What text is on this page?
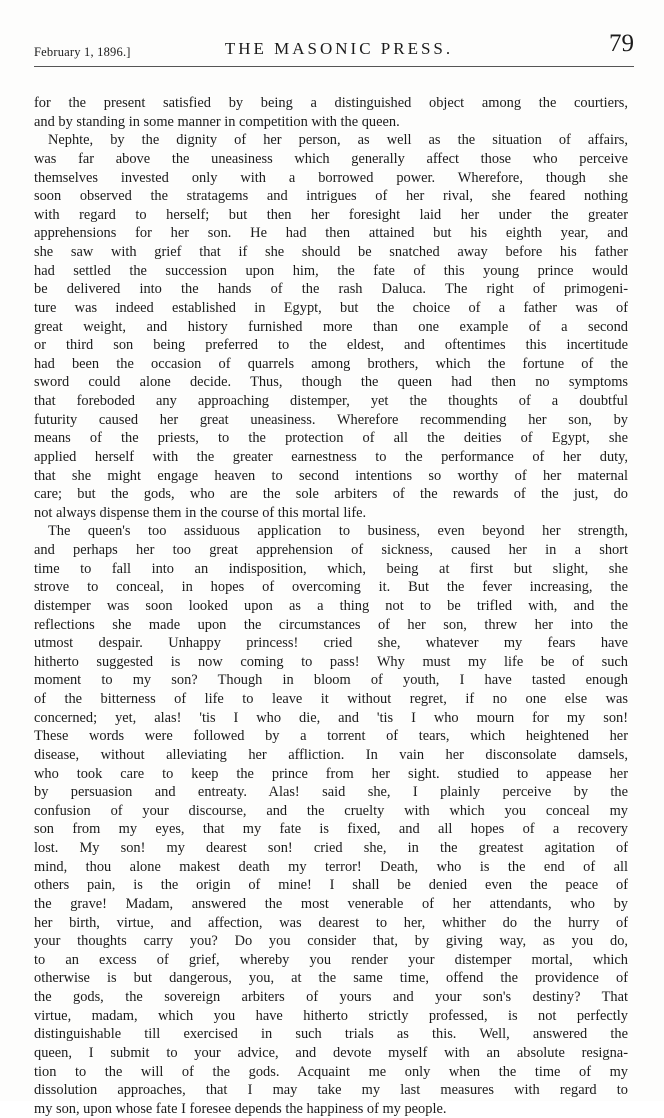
February 1, 1896.]	THE MASONIC PRESS.	79
for the present satisfied by being a distinguished object among the courtiers,
and by standing in some manner in competition with the queen.
Nephte, by the dignity of her person, as well as the situation of affairs,
was far above the uneasiness which generally affect those who perceive
themselves invested only with a borrowed power. Wherefore, though she
soon observed the stratagems and intrigues of her rival, she feared nothing
with regard to herself; but then her foresight laid her under the greater
apprehensions for her son. He had then attained but his eighth year, and
she saw with grief that if she should be snatched away before his father
had settled the succession upon him, the fate of this young prince would
be delivered into the hands of the rash Daluca. The right of primogeni-
ture was indeed established in Egypt, but the choice of a father was of
great weight, and history furnished more than one example of a second
or third son being preferred to the eldest, and oftentimes this incertitude
had been the occasion of quarrels among brothers, which the fortune of the
sword could alone decide. Thus, though the queen had then no symptoms
that foreboded any approaching distemper, yet the thoughts of a doubtful
futurity caused her great uneasiness. Wherefore recommending her son, by
means of the priests, to the protection of all the deities of Egypt, she
applied herself with the greater earnestness to the performance of her duty,
that she might engage heaven to second intentions so worthy of her maternal
care; but the gods, who are the sole arbiters of the rewards of the just, do
not always dispense them in the course of this mortal life.
The queen's too assiduous application to business, even beyond her strength,
and perhaps her too great apprehension of sickness, caused her in a short
time to fall into an indisposition, which, being at first but slight, she
strove to conceal, in hopes of overcoming it. But the fever increasing, the
distemper was soon looked upon as a thing not to be trifled with, and the
reflections she made upon the circumstances of her son, threw her into the
utmost despair. Unhappy princess! cried she, whatever my fears have
hitherto suggested is now coming to pass! Why must my life be of such
moment to my son? Though in bloom of youth, I have tasted enough
of the bitterness of life to leave it without regret, if no one else was
concerned; yet, alas! 'tis I who die, and 'tis I who mourn for my son!
These words were followed by a torrent of tears, which heightened her
disease, without alleviating her affliction. In vain her disconsolate damsels,
who took care to keep the prince from her sight. studied to appease her
by persuasion and entreaty. Alas! said she, I plainly perceive by the
confusion of your discourse, and the cruelty with which you conceal my
son from my eyes, that my fate is fixed, and all hopes of a recovery
lost. My son! my dearest son! cried she, in the greatest agitation of
mind, thou alone makest death my terror! Death, who is the end of all
others pain, is the origin of mine! I shall be denied even the peace of
the grave! Madam, answered the most venerable of her attendants, who by
her birth, virtue, and affection, was dearest to her, whither do the hurry of
your thoughts carry you? Do you consider that, by giving way, as you do,
to an excess of grief, whereby you render your distemper mortal, which
otherwise is but dangerous, you, at the same time, offend the providence of
the gods, the sovereign arbiters of yours and your son's destiny? That
virtue, madam, which you have hitherto strictly professed, is not perfectly
distinguishable till exercised in such trials as this. Well, answered the
queen, I submit to your advice, and devote myself with an absolute resigna-
tion to the will of the gods. Acquaint me only when the time of my
dissolution approaches, that I may take my last measures with regard to
my son, upon whose fate I foresee depends the happiness of my people.
